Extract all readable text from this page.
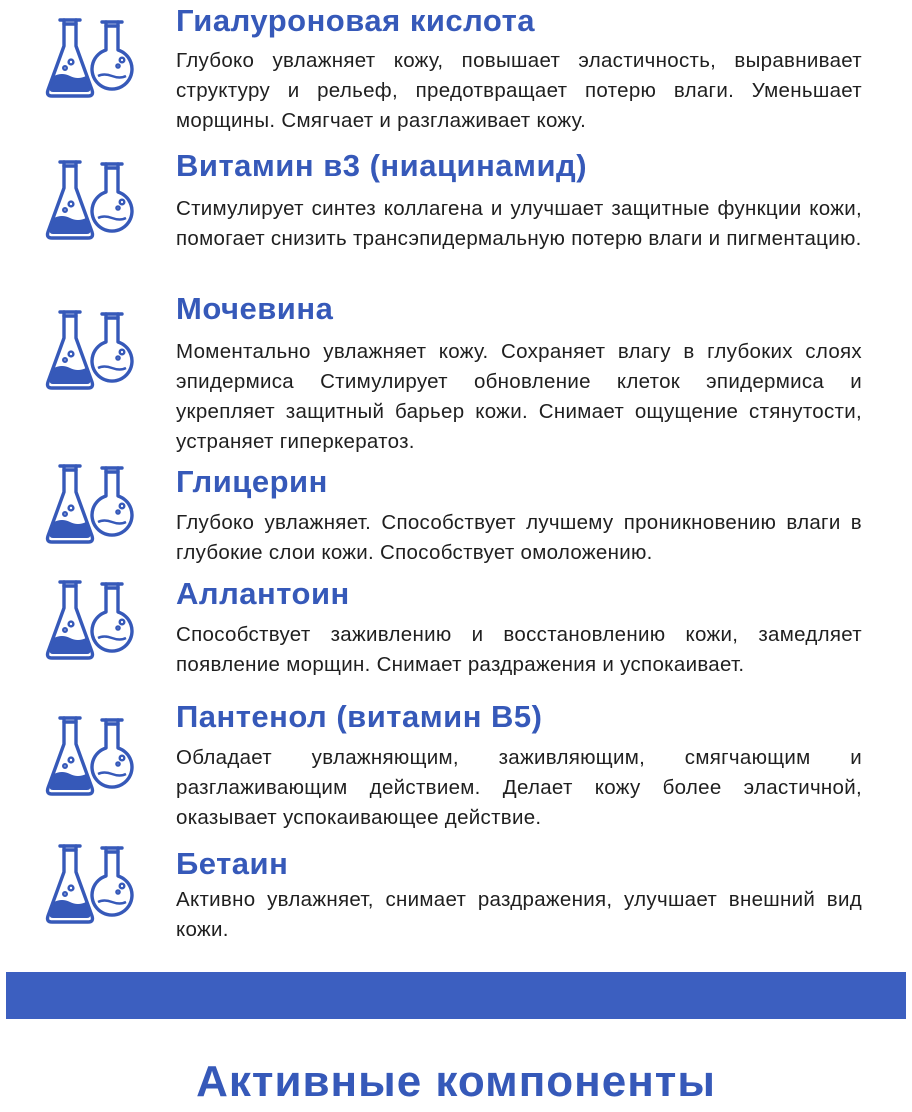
Гиалуроновая кислота
Глубоко увлажняет кожу, повышает эластичность, выравнивает структуру и рельеф, предотвращает потерю влаги. Уменьшает морщины. Смягчает и разглаживает кожу.
Витамин в3 (ниацинамид)
Стимулирует синтез коллагена и улучшает защитные функции кожи, помогает снизить трансэпидермальную потерю влаги и пигментацию.
Мочевина
Моментально увлажняет кожу. Сохраняет влагу в глубоких слоях эпидермиса Стимулирует обновление клеток эпидермиса и укрепляет защитный барьер кожи. Снимает ощущение стянутости, устраняет гиперкератоз.
Глицерин
Глубоко увлажняет. Способствует лучшему проникновению влаги в глубокие слои кожи. Способствует омоложению.
Аллантоин
Способствует заживлению и восстановлению кожи, замедляет появление морщин. Снимает раздражения и успокаивает.
Пантенол (витамин В5)
Обладает увлажняющим, заживляющим, смягчающим и разглаживающим действием. Делает кожу более эластичной, оказывает успокаивающее действие.
Бетаин
Активно увлажняет, снимает раздражения, улучшает внешний вид кожи.
Активные компоненты
